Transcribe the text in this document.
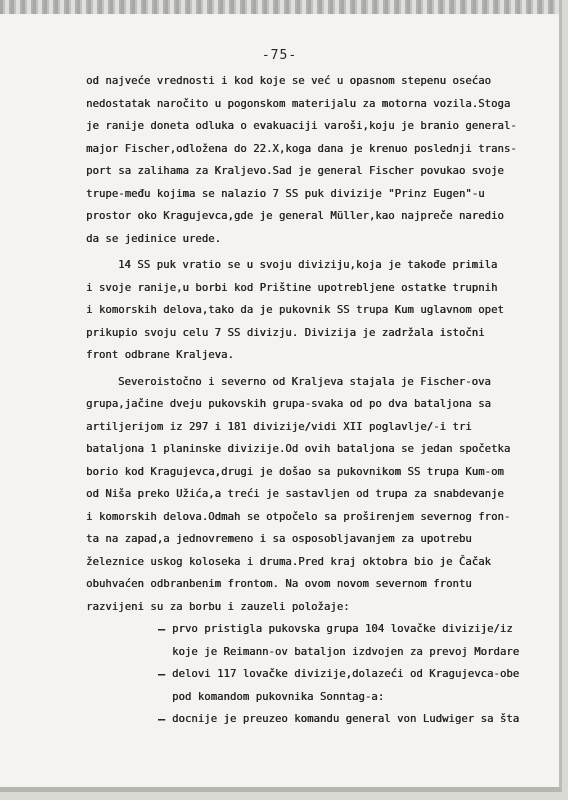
-75-
od najveće vrednosti i kod koje se već u opasnom stepenu osećao
nedostatak naročito u pogonskom materijalu za motorna vozila.Stoga
je ranije doneta odluka o evakuaciji varoši,koju je branio general-
major Fischer,odložena do 22.X,koga dana je krenuo poslednji trans-
port sa zalihama za Kraljevo.Sad je general Fischer povukao svoje
trupe-među kojima se nalazio 7 SS puk divizije "Prinz Eugen"-u
prostor oko Kragujevca,gde je general Müller,kao najpreče naredio
da se jedinice urede.
14 SS puk vratio se u svoju diviziju,koja je takođe primila
i svoje ranije,u borbi kod Prištine upotrebljene ostatke trupnih
i komorskih delova,tako da je pukovnik SS trupa Kum uglavnom opet
prikupio svoju celu 7 SS divizju. Divizija je zadržala istočni
front odbrane Kraljeva.
Severoistočno i severno od Kraljeva stajala je Fischer-ova
grupa,jačine dveju pukovskih grupa-svaka od po dva bataljona sa
artiljerijom iz 297 i 181 divizije/vidi XII poglavlje/-i tri
bataljona 1 planinske divizije.Od ovih bataljona se jedan spočetka
borio kod Kragujevca,drugi je došao sa pukovnikom SS trupa Kum-om
od Niša preko Užića,a treći je sastavljen od trupa za snabdevanje
i komorskih delova.Odmah se otpočelo sa proširenjem severnog fron-
ta na zapad,a jednovremeno i sa osposobljavanjem za upotrebu
železnice uskog koloseka i druma.Pred kraj oktobra bio je Čačak
obuhvaćen odbranbenim frontom. Na ovom novom severnom frontu
razvijeni su za borbu i zauzeli položaje:
– prvo pristigla pukovska grupa 104 lovačke divizije/iz
koje je Reimann-ov bataljon izdvojen za prevoj Mordare
– delovi 117 lovačke divizije,dolazeći od Kragujevca-obe
pod komandom pukovnika Sonntag-a:
– docnije je preuzeo komandu general von Ludwiger sa šta
